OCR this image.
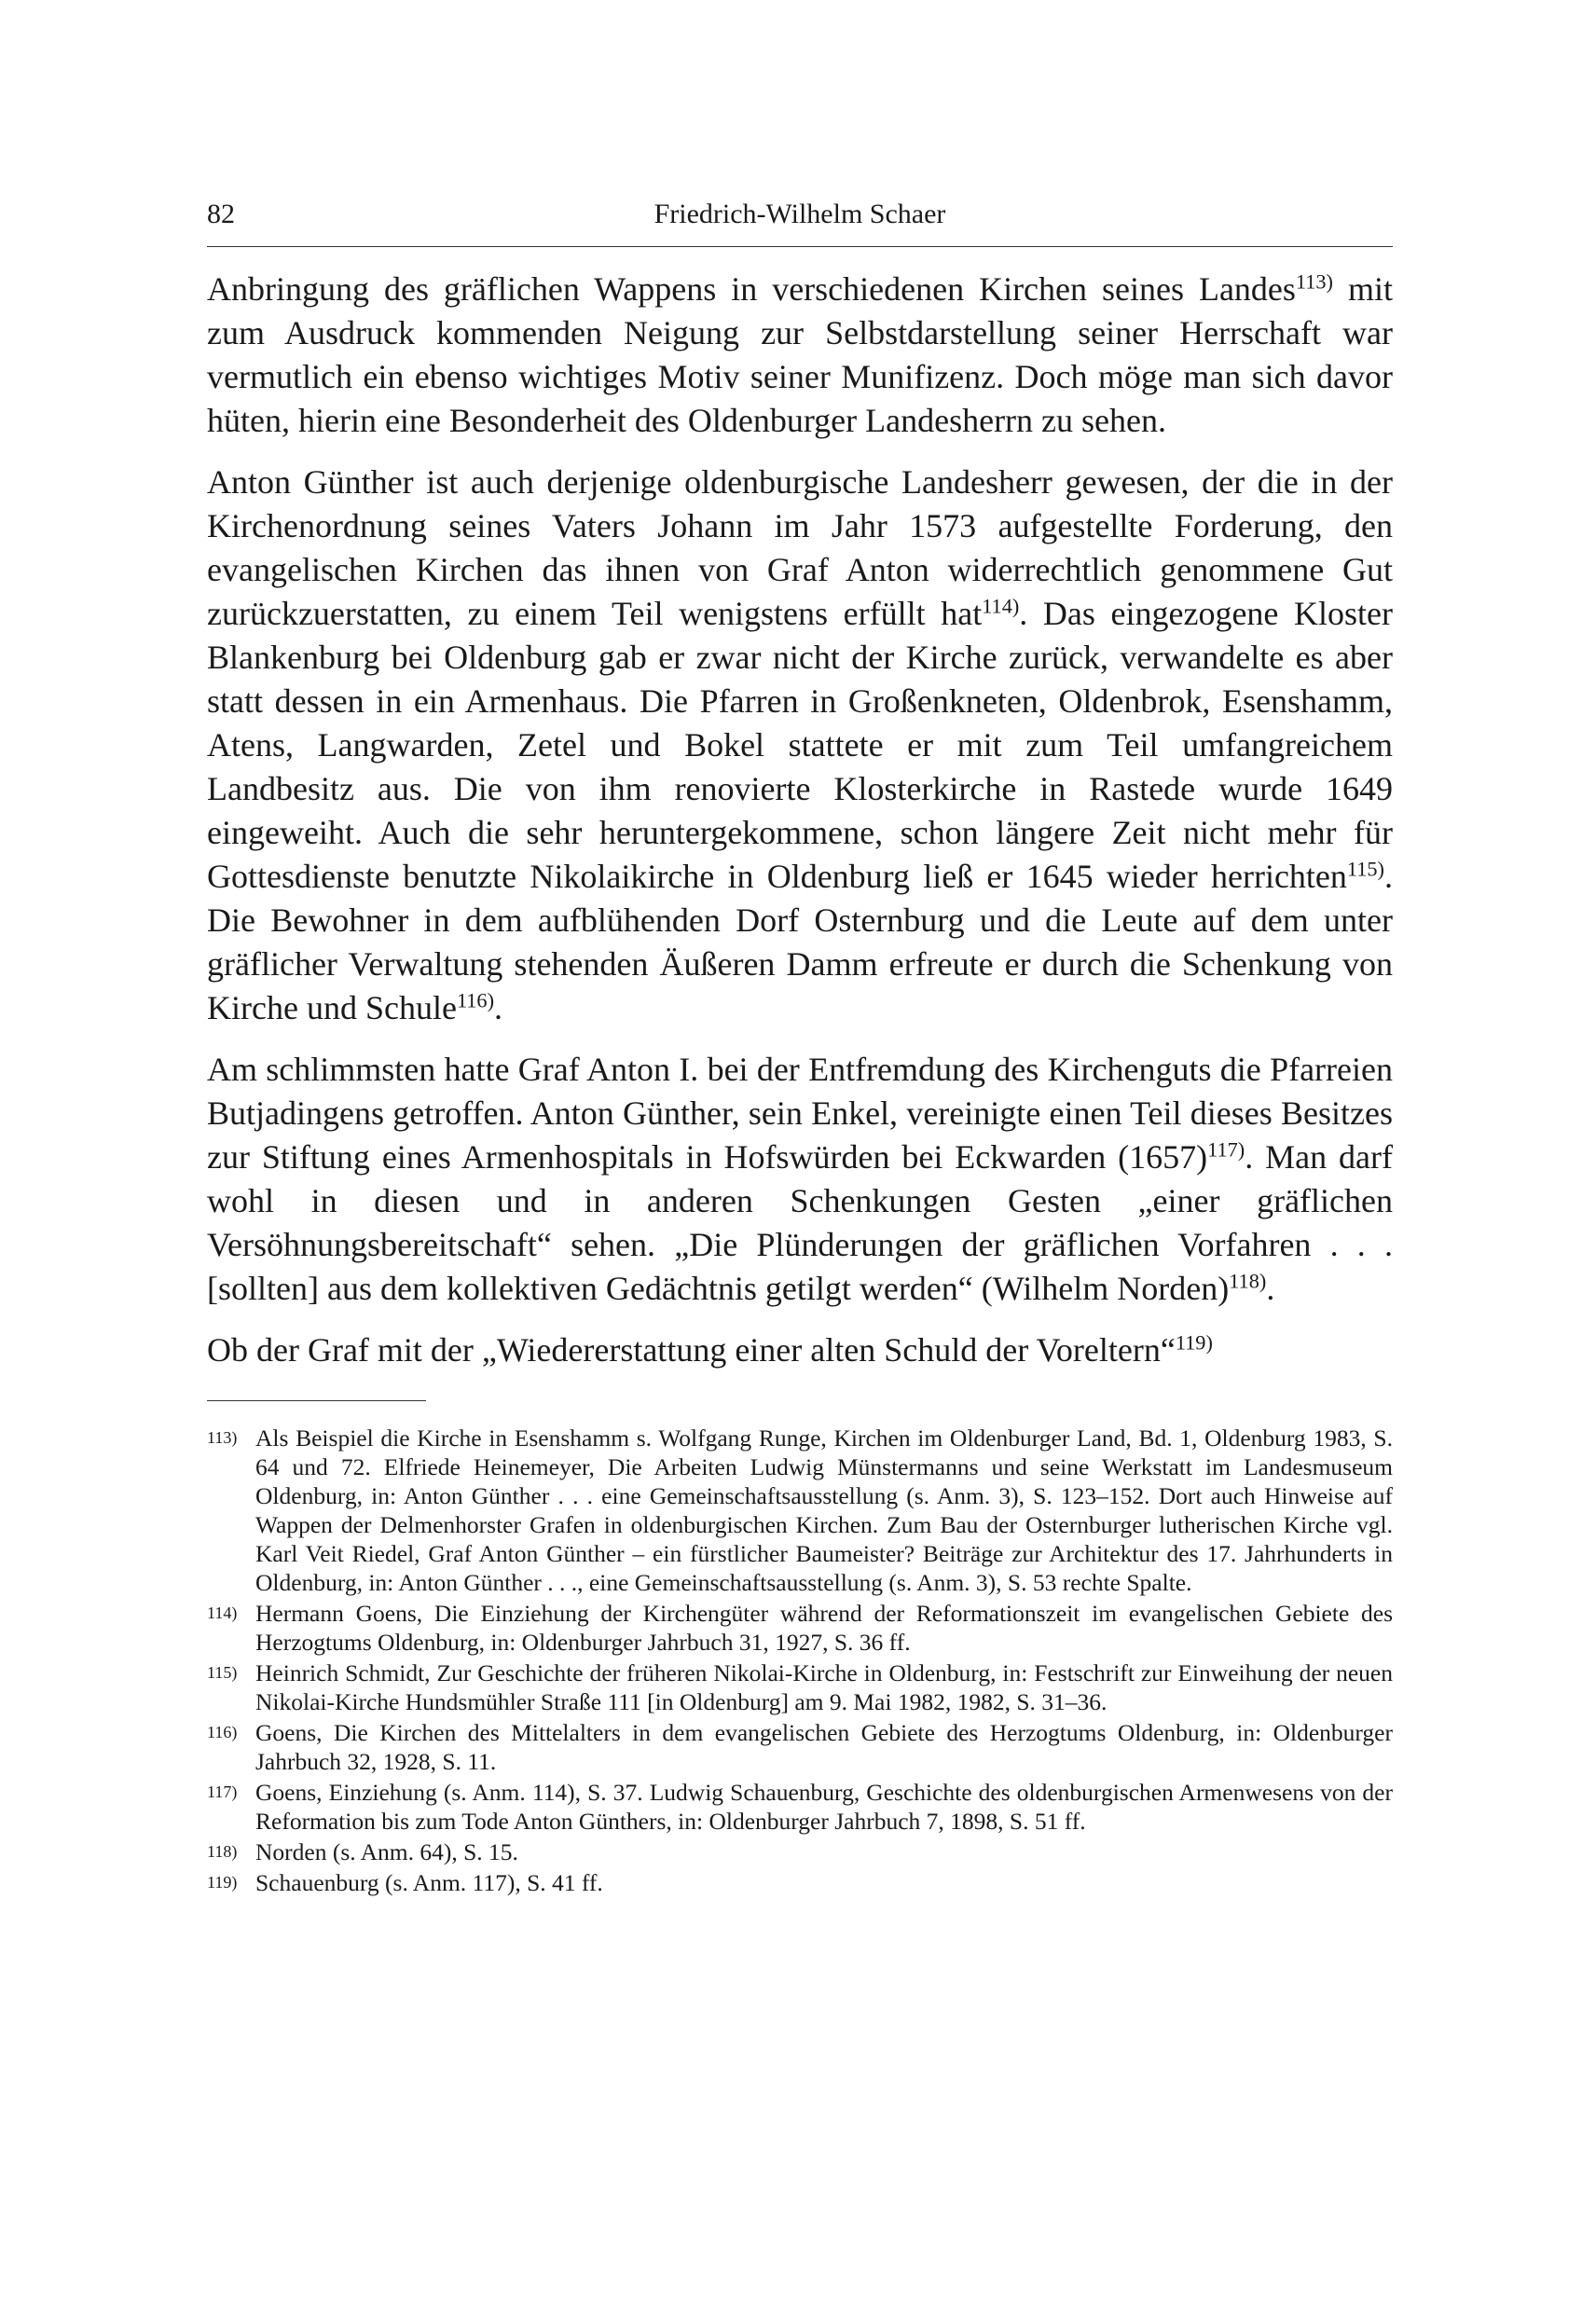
82	Friedrich-Wilhelm Schaer

Anbringung des gräflichen Wappens in verschiedenen Kirchen seines Landes$^{113)}$ mit zum Ausdruck kommenden Neigung zur Selbstdarstellung seiner Herrschaft war vermutlich ein ebenso wichtiges Motiv seiner Munifizenz. Doch möge man sich davor hüten, hierin eine Besonderheit des Oldenburger Landesherrn zu sehen.

Anton Günther ist auch derjenige oldenburgische Landesherr gewesen, der die in der Kirchenordnung seines Vaters Johann im Jahr 1573 aufgestellte Forderung, den evangelischen Kirchen das ihnen von Graf Anton widerrechtlich genommene Gut zurückzuerstatten, zu einem Teil wenigstens erfüllt hat$^{114)}$. Das eingezogene Kloster Blankenburg bei Oldenburg gab er zwar nicht der Kirche zurück, verwandelte es aber statt dessen in ein Armenhaus. Die Pfarren in Großenkneten, Oldenbrok, Esenshamm, Atens, Langwarden, Zetel und Bokel stattete er mit zum Teil umfangreichem Landbesitz aus. Die von ihm renovierte Klosterkirche in Rastede wurde 1649 eingeweiht. Auch die sehr heruntergekommene, schon längere Zeit nicht mehr für Gottesdienste benutzte Nikolaikirche in Oldenburg ließ er 1645 wieder herrichten$^{115)}$. Die Bewohner in dem aufblühenden Dorf Osternburg und die Leute auf dem unter gräflicher Verwaltung stehenden Äußeren Damm erfreute er durch die Schenkung von Kirche und Schule$^{116)}$.

Am schlimmsten hatte Graf Anton I. bei der Entfremdung des Kirchenguts die Pfarreien Butjadingens getroffen. Anton Günther, sein Enkel, vereinigte einen Teil dieses Besitzes zur Stiftung eines Armenhospitals in Hofswürden bei Eckwarden $(1657)^{117)}$. Man darf wohl in diesen und in anderen Schenkungen Gesten „einer gräflichen Versöhnungsbereitschaft“ sehen. „Die Plünderungen der gräflichen Vorfahren . . . [sollten] aus dem kollektiven Gedächtnis getilgt werden“ (Wilhelm Norden)$^{118)}$.

Ob der Graf mit der „Wiedererstattung einer alten Schuld der Voreltern“$^{119)}$

113) Als Beispiel die Kirche in Esenshamm s. Wolfgang Runge, Kirchen im Oldenburger Land, Bd. 1, Oldenburg 1983, S. 64 und 72. Elfriede Heinemeyer, Die Arbeiten Ludwig Münstermanns und seine Werkstatt im Landesmuseum Oldenburg, in: Anton Günther . . . eine Gemeinschaftsausstellung (s. Anm. 3), S. 123–152. Dort auch Hinweise auf Wappen der Delmenhorster Grafen in oldenburgischen Kirchen. Zum Bau der Osternburger lutherischen Kirche vgl. Karl Veit Riedel, Graf Anton Günther – ein fürstlicher Baumeister? Beiträge zur Architektur des 17. Jahrhunderts in Oldenburg, in: Anton Günther . . ., eine Gemeinschaftsausstellung (s. Anm. 3), S. 53 rechte Spalte.
114) Hermann Goens, Die Einziehung der Kirchengüter während der Reformationszeit im evangelischen Gebiete des Herzogtums Oldenburg, in: Oldenburger Jahrbuch 31, 1927, S. 36 ff.
115) Heinrich Schmidt, Zur Geschichte der früheren Nikolai-Kirche in Oldenburg, in: Festschrift zur Einweihung der neuen Nikolai-Kirche Hundsmühler Straße 111 [in Oldenburg] am 9. Mai 1982, 1982, S. 31–36.
116) Goens, Die Kirchen des Mittelalters in dem evangelischen Gebiete des Herzogtums Oldenburg, in: Oldenburger Jahrbuch 32, 1928, S. 11.
117) Goens, Einziehung (s. Anm. 114), S. 37. Ludwig Schauenburg, Geschichte des oldenburgischen Armenwesens von der Reformation bis zum Tode Anton Günthers, in: Oldenburger Jahrbuch 7, 1898, S. 51 ff.
118) Norden (s. Anm. 64), S. 15.
119) Schauenburg (s. Anm. 117), S. 41 ff.
